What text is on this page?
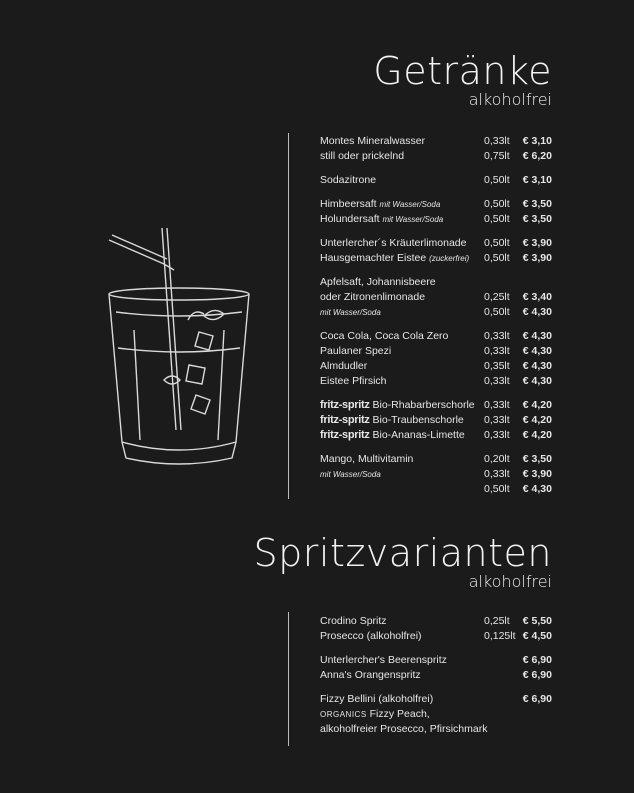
Getränke
alkoholfrei
Montes Mineralwasser	0,33lt € 3,10
still oder prickelnd	0,75lt € 6,20
Sodazitrone	0,50lt € 3,10
Himbeersaft mit Wasser/Soda	0,50lt € 3,50
Holundersaft mit Wasser/Soda	0,50lt € 3,50
Unterlercher´s Kräuterlimonade 0,50lt € 3,90
Hausgemachter Eistee (zuckerfrei) 0,50lt € 3,90
Apfelsaft, Johannisbeere
oder Zitronenlimonade	0,25lt € 3,40
mit Wasser/Soda	0,50lt € 4,30
Coca Cola, Coca Cola Zero	0,33lt € 4,30
Paulaner Spezi	0,33lt € 4,30
Almdudler	0,35lt € 4,30
Eistee Pfirsich	0,33lt € 4,30
fritz-spritz Bio-Rhabarberschorle 0,33lt € 4,20
fritz-spritz Bio-Traubenschorle 0,33lt € 4,20
fritz-spritz Bio-Ananas-Limette 0,33lt € 4,20
Mango, Multivitamin	0,20lt € 3,50
mit Wasser/Soda	0,33lt € 3,90
0,50lt € 4,30
Spritzvarianten
alkoholfrei
Crodino Spritz	0,25lt € 5,50
Prosecco (alkoholfrei)	0,125lt € 4,50
Unterlercher's Beerenspritz	€ 6,90
Anna's Orangenspritz	€ 6,90
Fizzy Bellini (alkoholfrei)	€ 6,90
ORGANICS Fizzy Peach,
alkoholfreier Prosecco, Pfirsichmark
